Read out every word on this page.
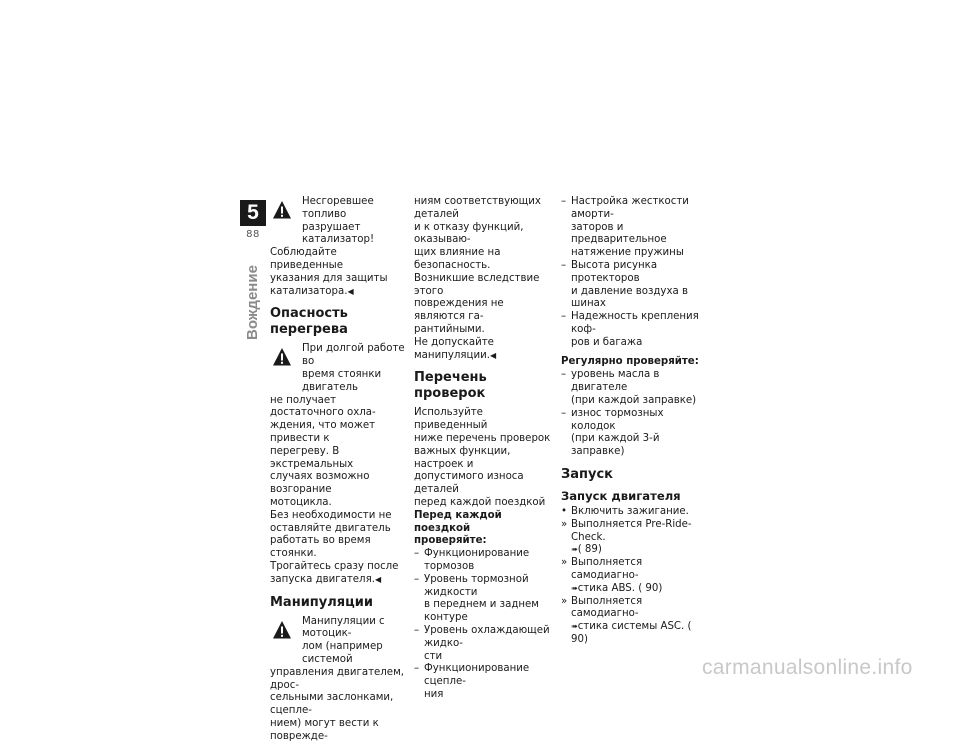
5
88
Вождение
Несгоревшее топливо
разрушает катализатор!
Соблюдайте приведенные
указания для защиты
катализатора.◀
Опасность перегрева
При долгой работе во
время стоянки двигатель
не получает достаточного охла-
ждения, что может привести к
перегреву. В экстремальных
случаях возможно возгорание
мотоцикла.
Без необходимости не
оставляйте двигатель
работать во время стоянки.
Трогайтесь сразу после
запуска двигателя.◀
Манипуляции
Манипуляции с мотоцик-
лом (например системой
управления двигателем, дрос-
сельными заслонками, сцепле-
нием) могут вести к поврежде-
ниям соответствующих деталей
и к отказу функций, оказываю-
щих влияние на безопасность.
Возникшие вследствие этого
повреждения не являются га-
рантийными.
Не допускайте манипуляции.◀
Перечень проверок
Используйте приведенный
ниже перечень проверок
важных функции, настроек и
допустимого износа деталей
перед каждой поездкой
Перед каждой поездкой
проверяйте:
– Функционирование тормозов
– Уровень тормозной жидкости
в переднем и заднем контуре
– Уровень охлаждающей жидко-
сти
– Функционирование сцепле-
ния
– Настройка жесткости аморти-
заторов и предварительное
натяжение пружины
– Высота рисунка протекторов
и давление воздуха в шинах
– Надежность крепления коф-
ров и багажа
Регулярно проверяйте:
– уровень масла в двигателе
(при каждой заправке)
– износ тормозных колодок
(при каждой 3-й заправке)
Запуск
Запуск двигателя
• Включить зажигание.
» Выполняется Pre-Ride-Check.
➠( 89)
» Выполняется самодиагно-
➠стика ABS. ( 90)
» Выполняется самодиагно-
➠стика системы ASC. ( 90)
carmanualsonline.info
